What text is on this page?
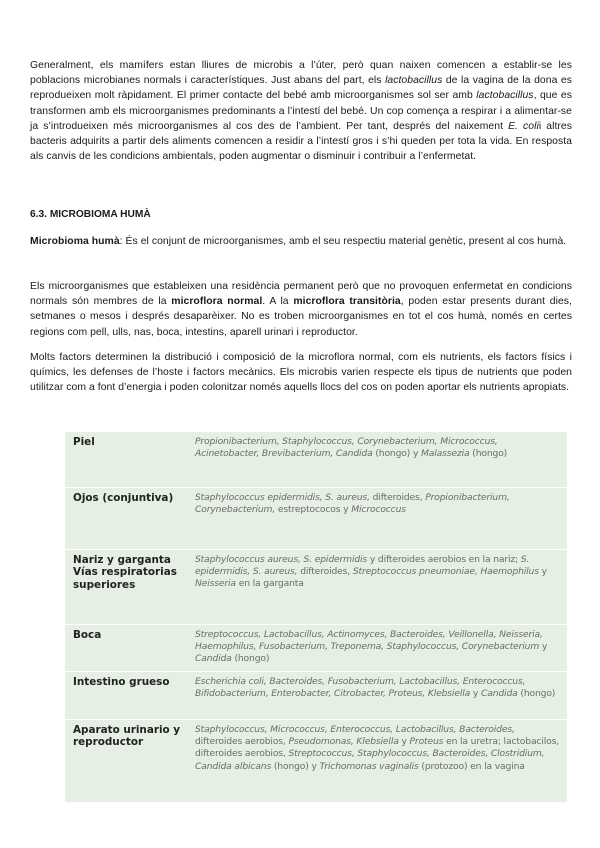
Generalment, els mamífers estan lliures de microbis a l’úter, però quan naixen comencen a establir-se les poblacions microbianes normals i característiques. Just abans del part, els lactobacillus de la vagina de la dona es reprodueixen molt ràpidament. El primer contacte del bebé amb microorganismes sol ser amb lactobacillus, que es transformen amb els microorganismes predominants a l’intestí del bebé. Un cop comença a respirar i a alimentar-se ja s’introdueixen més microorganismes al cos des de l’ambient. Per tant, després del naixement E. colii altres bacteris adquirits a partir dels aliments comencen a residir a l’intestí gros i s’hi queden per tota la vida. En resposta als canvis de les condicions ambientals, poden augmentar o disminuir i contribuir a l’enfermetat.

6.3. MICROBIOMA HUMÀ

Microbioma humà: És el conjunt de microorganismes, amb el seu respectiu material genètic, present al cos humà.

Els microorganismes que estableixen una residència permanent però que no provoquen enfermetat en condicions normals són membres de la microflora normal. A la microflora transitòria, poden estar presents durant dies, setmanes o mesos i després desaparèixer. No es troben microorganismes en tot el cos humà, només en certes regions com pell, ulls, nas, boca, intestins, aparell urinari i reproductor.

Molts factors determinen la distribució i composició de la microflora normal, com els nutrients, els factors físics i químics, les defenses de l’hoste i factors mecànics. Els microbis varien respecte els tipus de nutrients que poden utilitzar com a font d’energia i poden colonitzar només aquells llocs del cos on poden aportar els nutrients apropiats.

Piel	Propionibacterium, Staphylococcus, Corynebacterium, Micrococcus, Acinetobacter, Brevibacterium, Candida (hongo) y Malassezia (hongo)
Ojos (conjuntiva)	Staphylococcus epidermidis, S. aureus, difteroides, Propionibacterium, Corynebacterium, estreptococos y Micrococcus
Nariz y garganta Vías respiratorias superiores	Staphylococcus aureus, S. epidermidis y difteroides aerobios en la nariz; S. epidermidis, S. aureus, difteroides, Streptococcus pneumoniae, Haemophilus y Neisseria en la garganta
Boca	Streptococcus, Lactobacillus, Actinomyces, Bacteroides, Veillonella, Neisseria, Haemophilus, Fusobacterium, Treponema, Staphylococcus, Corynebacterium y Candida (hongo)
Intestino grueso	Escherichia coli, Bacteroides, Fusobacterium, Lactobacillus, Enterococcus, Bifidobacterium, Enterobacter, Citrobacter, Proteus, Klebsiella y Candida (hongo)
Aparato urinario y reproductor	Staphylococcus, Micrococcus, Enterococcus, Lactobacillus, Bacteroides, difteroides aerobios, Pseudomonas, Klebsiella y Proteus en la uretra; lactobacilos, difteroides aerobios, Streptococcus, Staphylococcus, Bacteroides, Clostridium, Candida albicans (hongo) y Trichomonas vaginalis (protozoo) en la vagina
